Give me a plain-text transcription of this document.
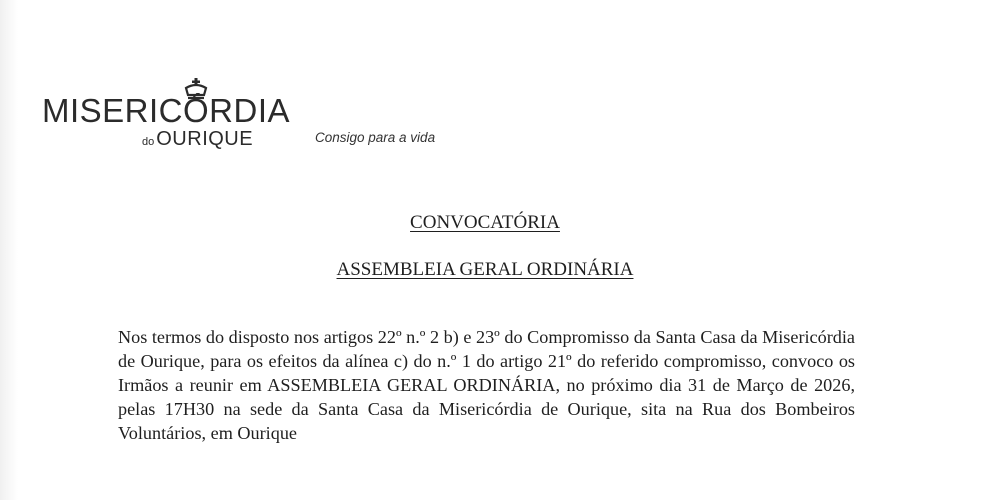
MISERICÓRDIA
do OURIQUE	Consigo para a vida
CONVOCATÓRIA
ASSEMBLEIA GERAL ORDINÁRIA
Nos termos do disposto nos artigos 22º n.º 2 b) e 23º do Compromisso da Santa Casa da Misericórdia de Ourique, para os efeitos da alínea c) do n.º 1 do artigo 21º do referido compromisso, convoco os Irmãos a reunir em ASSEMBLEIA GERAL ORDINÁRIA, no próximo dia 31 de Março de 2026, pelas 17H30 na sede da Santa Casa da Misericórdia de Ourique, sita na Rua dos Bombeiros Voluntários, em Ourique
